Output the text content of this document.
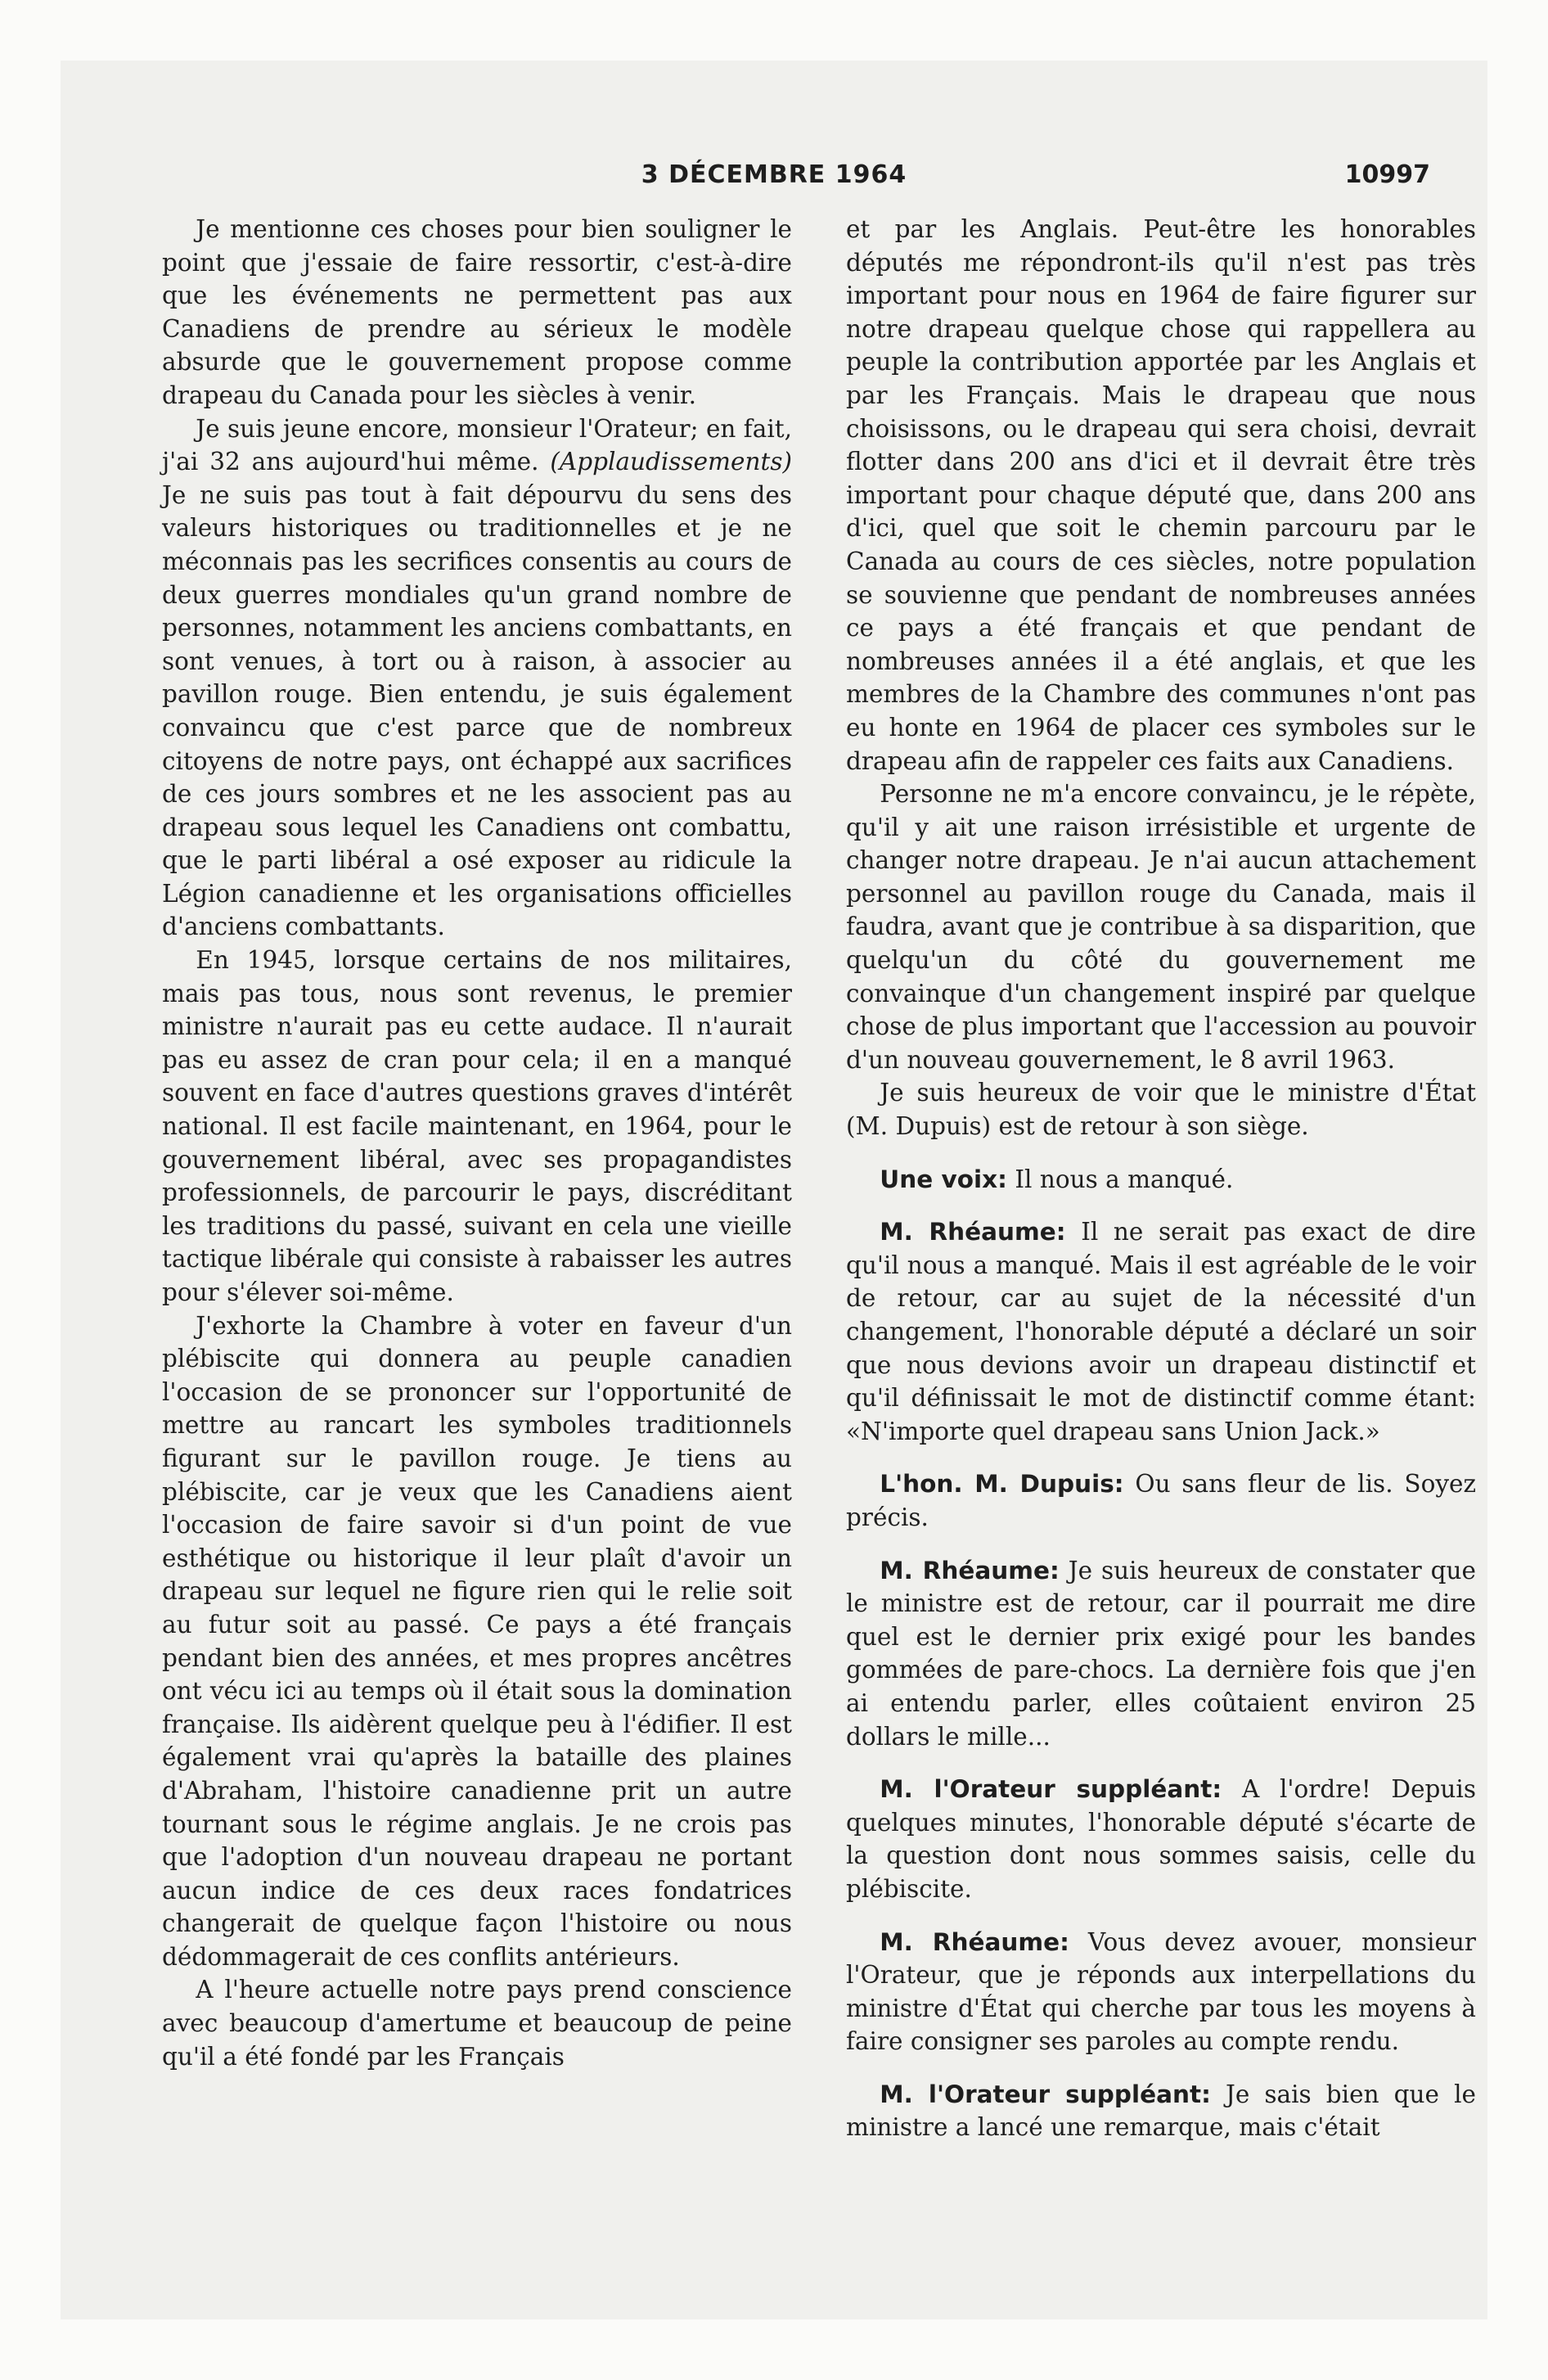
3 DÉCEMBRE 1964	10997

Je mentionne ces choses pour bien souligner le point que j'essaie de faire ressortir, c'est-à-dire que les événements ne permettent pas aux Canadiens de prendre au sérieux le modèle absurde que le gouvernement propose comme drapeau du Canada pour les siècles à venir.

Je suis jeune encore, monsieur l'Orateur; en fait, j'ai 32 ans aujourd'hui même. (Applaudissements) Je ne suis pas tout à fait dépourvu du sens des valeurs historiques ou traditionnelles et je ne méconnais pas les secrifices consentis au cours de deux guerres mondiales qu'un grand nombre de personnes, notamment les anciens combattants, en sont venues, à tort ou à raison, à associer au pavillon rouge. Bien entendu, je suis également convaincu que c'est parce que de nombreux citoyens de notre pays, ont échappé aux sacrifices de ces jours sombres et ne les associent pas au drapeau sous lequel les Canadiens ont combattu, que le parti libéral a osé exposer au ridicule la Légion canadienne et les organisations officielles d'anciens combattants.

En 1945, lorsque certains de nos militaires, mais pas tous, nous sont revenus, le premier ministre n'aurait pas eu cette audace. Il n'aurait pas eu assez de cran pour cela; il en a manqué souvent en face d'autres questions graves d'intérêt national. Il est facile maintenant, en 1964, pour le gouvernement libéral, avec ses propagandistes professionnels, de parcourir le pays, discréditant les traditions du passé, suivant en cela une vieille tactique libérale qui consiste à rabaisser les autres pour s'élever soi-même.

J'exhorte la Chambre à voter en faveur d'un plébiscite qui donnera au peuple canadien l'occasion de se prononcer sur l'opportunité de mettre au rancart les symboles traditionnels figurant sur le pavillon rouge. Je tiens au plébiscite, car je veux que les Canadiens aient l'occasion de faire savoir si d'un point de vue esthétique ou historique il leur plaît d'avoir un drapeau sur lequel ne figure rien qui le relie soit au futur soit au passé. Ce pays a été français pendant bien des années, et mes propres ancêtres ont vécu ici au temps où il était sous la domination française. Ils aidèrent quelque peu à l'édifier. Il est également vrai qu'après la bataille des plaines d'Abraham, l'histoire canadienne prit un autre tournant sous le régime anglais. Je ne crois pas que l'adoption d'un nouveau drapeau ne portant aucun indice de ces deux races fondatrices changerait de quelque façon l'histoire ou nous dédommagerait de ces conflits antérieurs.

A l'heure actuelle notre pays prend conscience avec beaucoup d'amertume et beaucoup de peine qu'il a été fondé par les Français

et par les Anglais. Peut-être les honorables députés me répondront-ils qu'il n'est pas très important pour nous en 1964 de faire figurer sur notre drapeau quelque chose qui rappellera au peuple la contribution apportée par les Anglais et par les Français. Mais le drapeau que nous choisissons, ou le drapeau qui sera choisi, devrait flotter dans 200 ans d'ici et il devrait être très important pour chaque député que, dans 200 ans d'ici, quel que soit le chemin parcouru par le Canada au cours de ces siècles, notre population se souvienne que pendant de nombreuses années ce pays a été français et que pendant de nombreuses années il a été anglais, et que les membres de la Chambre des communes n'ont pas eu honte en 1964 de placer ces symboles sur le drapeau afin de rappeler ces faits aux Canadiens.

Personne ne m'a encore convaincu, je le répète, qu'il y ait une raison irrésistible et urgente de changer notre drapeau. Je n'ai aucun attachement personnel au pavillon rouge du Canada, mais il faudra, avant que je contribue à sa disparition, que quelqu'un du côté du gouvernement me convainque d'un changement inspiré par quelque chose de plus important que l'accession au pouvoir d'un nouveau gouvernement, le 8 avril 1963.

Je suis heureux de voir que le ministre d'État (M. Dupuis) est de retour à son siège.

Une voix: Il nous a manqué.

M. Rhéaume: Il ne serait pas exact de dire qu'il nous a manqué. Mais il est agréable de le voir de retour, car au sujet de la nécessité d'un changement, l'honorable député a déclaré un soir que nous devions avoir un drapeau distinctif et qu'il définissait le mot de distinctif comme étant: «N'importe quel drapeau sans Union Jack.»

L'hon. M. Dupuis: Ou sans fleur de lis. Soyez précis.

M. Rhéaume: Je suis heureux de constater que le ministre est de retour, car il pourrait me dire quel est le dernier prix exigé pour les bandes gommées de pare-chocs. La dernière fois que j'en ai entendu parler, elles coûtaient environ 25 dollars le mille...

M. l'Orateur suppléant: A l'ordre! Depuis quelques minutes, l'honorable député s'écarte de la question dont nous sommes saisis, celle du plébiscite.

M. Rhéaume: Vous devez avouer, monsieur l'Orateur, que je réponds aux interpellations du ministre d'État qui cherche par tous les moyens à faire consigner ses paroles au compte rendu.

M. l'Orateur suppléant: Je sais bien que le ministre a lancé une remarque, mais c'était
